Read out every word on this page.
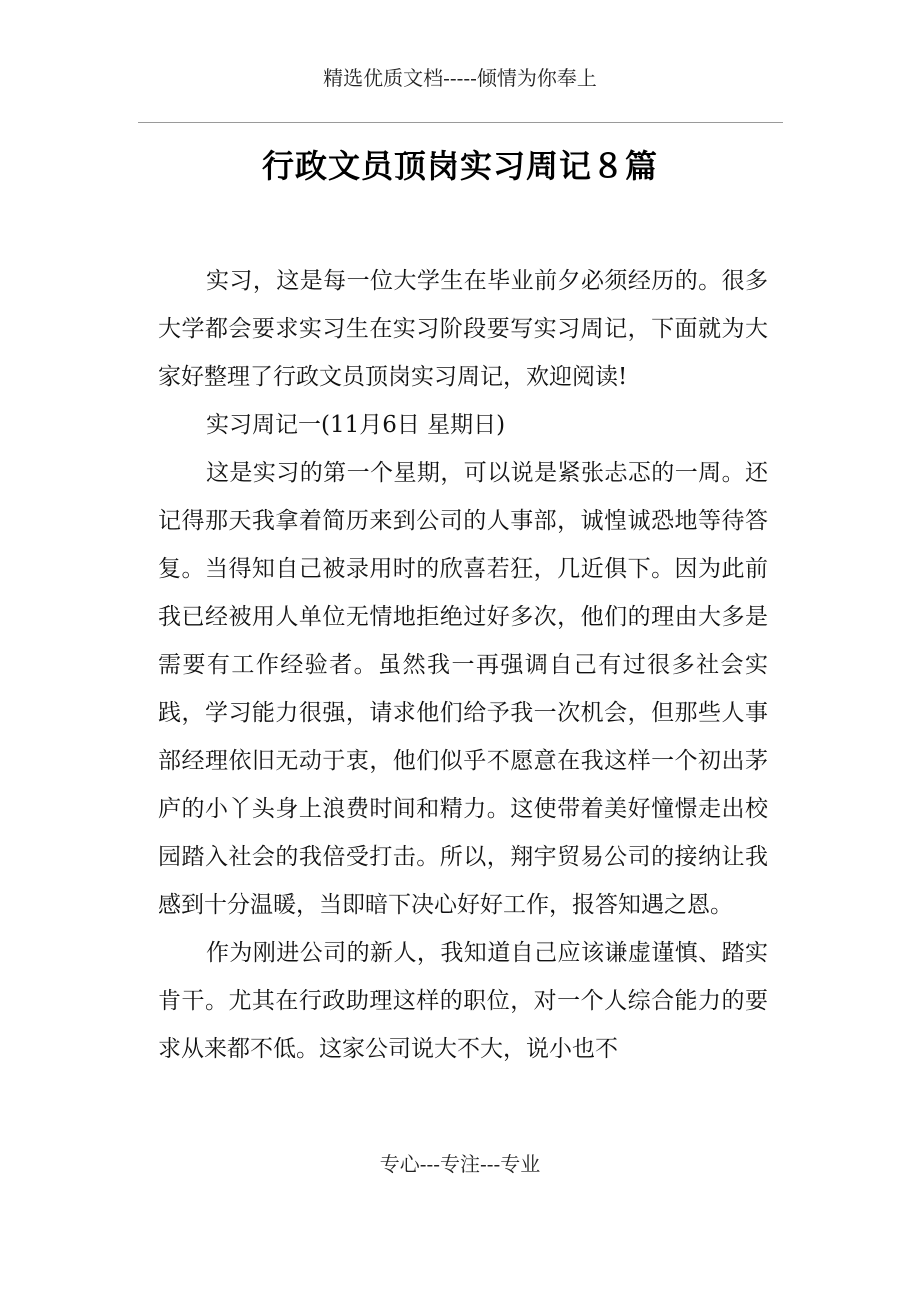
精选优质文档-----倾情为你奉上
行政文员顶岗实习周记８篇

实习，这是每一位大学生在毕业前夕必须经历的。很多大学都会要求实习生在实习阶段要写实习周记，下面就为大家好整理了行政文员顶岗实习周记，欢迎阅读!

实习周记一(11月6日 星期日)

这是实习的第一个星期，可以说是紧张忐忑的一周。还记得那天我拿着简历来到公司的人事部，诚惶诚恐地等待答复。当得知自己被录用时的欣喜若狂，几近俱下。因为此前我已经被用人单位无情地拒绝过好多次，他们的理由大多是需要有工作经验者。虽然我一再强调自己有过很多社会实践，学习能力很强，请求他们给予我一次机会，但那些人事部经理依旧无动于衷，他们似乎不愿意在我这样一个初出茅庐的小丫头身上浪费时间和精力。这使带着美好憧憬走出校园踏入社会的我倍受打击。所以，翔宇贸易公司的接纳让我感到十分温暖，当即暗下决心好好工作，报答知遇之恩。

作为刚进公司的新人，我知道自己应该谦虚谨慎、踏实肯干。尤其在行政助理这样的职位，对一个人综合能力的要求从来都不低。这家公司说大不大，说小也不

专心---专注---专业
